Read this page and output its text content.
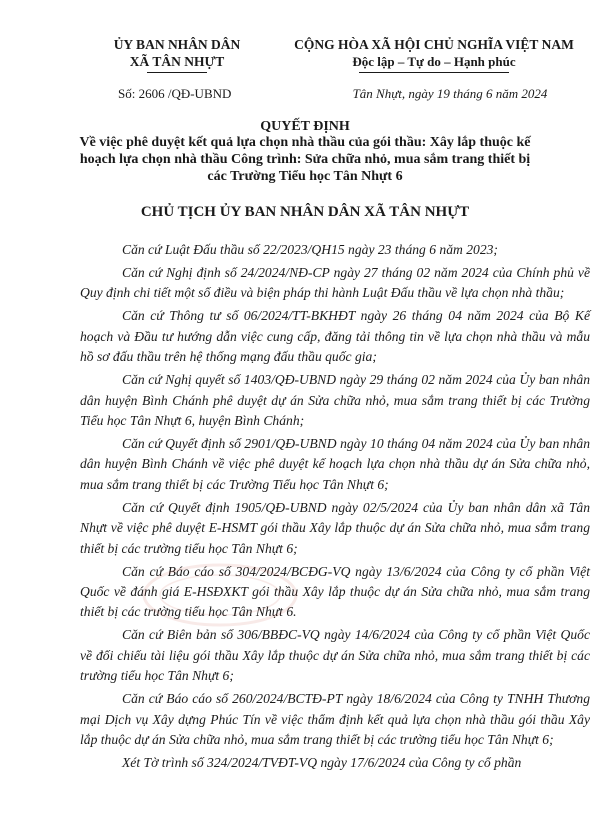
ỦY BAN NHÂN DÂN
XÃ TÂN NHỰT
CỘNG HÒA XÃ HỘI CHỦ NGHĨA VIỆT NAM
Độc lập – Tự do – Hạnh phúc
Số: 2606 /QĐ-UBND	Tân Nhựt, ngày 19 tháng 6 năm 2024
QUYẾT ĐỊNH
Về việc phê duyệt kết quả lựa chọn nhà thầu của gói thầu: Xây lắp thuộc kế hoạch lựa chọn nhà thầu Công trình: Sửa chữa nhỏ, mua sắm trang thiết bị các Trường Tiểu học Tân Nhựt 6
CHỦ TỊCH ỦY BAN NHÂN DÂN XÃ TÂN NHỰT

Căn cứ Luật Đấu thầu số 22/2023/QH15 ngày 23 tháng 6 năm 2023;

Căn cứ Nghị định số 24/2024/NĐ-CP ngày 27 tháng 02 năm 2024 của Chính phủ về Quy định chi tiết một số điều và biện pháp thi hành Luật Đấu thầu về lựa chọn nhà thầu;

Căn cứ Thông tư số 06/2024/TT-BKHĐT ngày 26 tháng 04 năm 2024 của Bộ Kế hoạch và Đầu tư hướng dẫn việc cung cấp, đăng tải thông tin về lựa chọn nhà thầu và mẫu hồ sơ đấu thầu trên hệ thống mạng đấu thầu quốc gia;

Căn cứ Nghị quyết số 1403/QĐ-UBND ngày 29 tháng 02 năm 2024 của Ủy ban nhân dân huyện Bình Chánh phê duyệt dự án Sửa chữa nhỏ, mua sắm trang thiết bị các Trường Tiểu học Tân Nhựt 6, huyện Bình Chánh;

Căn cứ Quyết định số 2901/QĐ-UBND ngày 10 tháng 04 năm 2024 của Ủy ban nhân dân huyện Bình Chánh về việc phê duyệt kế hoạch lựa chọn nhà thầu dự án Sửa chữa nhỏ, mua sắm trang thiết bị các Trường Tiểu học Tân Nhựt 6;

Căn cứ Quyết định 1905/QĐ-UBND ngày 02/5/2024 của Ủy ban nhân dân xã Tân Nhựt về việc phê duyệt E-HSMT gói thầu Xây lắp thuộc dự án Sửa chữa nhỏ, mua sắm trang thiết bị các trường tiểu học Tân Nhựt 6;

Căn cứ Báo cáo số 304/2024/BCĐG-VQ ngày 13/6/2024 của Công ty cổ phần Việt Quốc về đánh giá E-HSĐXKT gói thầu Xây lắp thuộc dự án Sửa chữa nhỏ, mua sắm trang thiết bị các trường tiểu học Tân Nhựt 6.

Căn cứ Biên bản số 306/BBĐC-VQ ngày 14/6/2024 của Công ty cổ phần Việt Quốc về đối chiếu tài liệu gói thầu Xây lắp thuộc dự án Sửa chữa nhỏ, mua sắm trang thiết bị các trường tiểu học Tân Nhựt 6;

Căn cứ Báo cáo số 260/2024/BCTĐ-PT ngày 18/6/2024 của Công ty TNHH Thương mại Dịch vụ Xây dựng Phúc Tín về việc thẩm định kết quả lựa chọn nhà thầu gói thầu Xây lắp thuộc dự án Sửa chữa nhỏ, mua sắm trang thiết bị các trường tiểu học Tân Nhựt 6;

Xét Tờ trình số 324/2024/TVĐT-VQ ngày 17/6/2024 của Công ty cổ phần
